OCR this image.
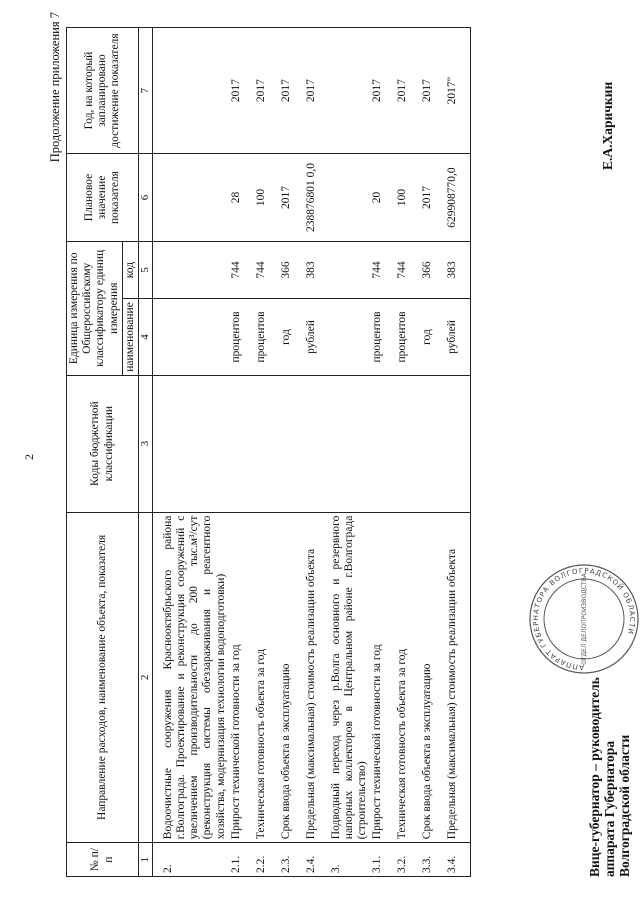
2
Продолжение приложения 7
№ п/п	Направление расходов, наименование объекта, показателя	Коды бюджетной классификации	Единица измерения по Общероссийскому классификатору единиц измерения		Плановое значение показателя	Год, на который запланировано достижение показателя
			наименование	код		
1	2	3	4	5	6	7

2.	Водоочистные сооружения Краснооктябрьского района г.Волгограда. Проектирование и реконструкция сооружений с увеличением производительности до 200 тыс.м³/сут (реконструкция системы обеззараживания и реагентного хозяйства, модернизация технологии водоподготовки)					
2.1.	Прирост технической готовности за год		процентов	744	28	2017
2.2.	Техническая готовность объекта за год		процентов	744	100	2017
2.3.	Срок ввода объекта в эксплуатацию		год	366	2017	2017
2.4.	Предельная (максимальная) стоимость реализации объекта		рублей	383	238876801 0,0	2017
3.	Подводный переход через р.Волга основного и резервного напорных коллекторов в Центральном районе г.Волгограда (строительство)					
3.1.	Прирост технической готовности за год		процентов	744	20	2017
3.2.	Техническая готовность объекта за год		процентов	744	100	2017
3.3.	Срок ввода объекта в эксплуатацию		год	366	2017	2017
3.4.	Предельная (максимальная) стоимость реализации объекта		рублей	383	629908770,0	2017"
АППАРАТ ГУБЕРНАТОРА ВОЛГОГРАДСКОЙ ОБЛАСТИ
ОТДЕЛ ДЕЛОПРОИЗВОДСТВА
Вице-губернатор – руководитель аппарата Губернатора Волгоградской области
Е.А.Харичкин
